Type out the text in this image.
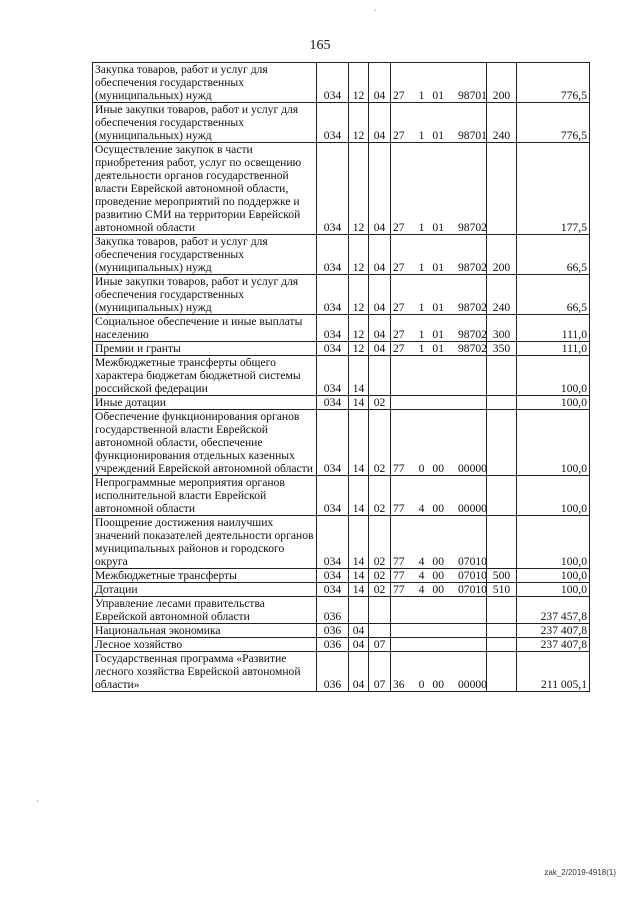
·
165
Закупка товаров, работ и услуг для обеспечения государственных (муниципальных) нужд	034	12	04	27 1 01 98701	200	776,5
Иные закупки товаров, работ и услуг для обеспечения государственных (муниципальных) нужд	034	12	04	27 1 01 98701	240	776,5
Осуществление закупок в части приобретения работ, услуг по освещению деятельности органов государственной власти Еврейской автономной области, проведение мероприятий по поддержке и развитию СМИ на территории Еврейской автономной области	034	12	04	27 1 01 98702		177,5
Закупка товаров, работ и услуг для обеспечения государственных (муниципальных) нужд	034	12	04	27 1 01 98702	200	66,5
Иные закупки товаров, работ и услуг для обеспечения государственных (муниципальных) нужд	034	12	04	27 1 01 98702	240	66,5
Социальное обеспечение и иные выплаты населению	034	12	04	27 1 01 98702	300	111,0
Премии и гранты	034	12	04	27 1 01 98702	350	111,0
Межбюджетные трансферты общего характера бюджетам бюджетной системы российской федерации	034	14				100,0
Иные дотации	034	14	02			100,0
Обеспечение функционирования органов государственной власти Еврейской автономной области, обеспечение функционирования отдельных казенных учреждений Еврейской автономной области	034	14	02	77 0 00 00000		100,0
Непрограммные мероприятия органов исполнительной власти Еврейской автономной области	034	14	02	77 4 00 00000		100,0
Поощрение достижения наилучших значений показателей деятельности органов муниципальных районов и городского округа	034	14	02	77 4 00 07010		100,0
Межбюджетные трансферты	034	14	02	77 4 00 07010	500	100,0
Дотации	034	14	02	77 4 00 07010	510	100,0
Управление лесами правительства Еврейской автономной области	036					237 457,8
Национальная экономика	036	04				237 407,8
Лесное хозяйство	036	04	07			237 407,8
Государственная программа «Развитие лесного хозяйства Еврейской автономной области»	036	04	07	36 0 00 00000		211 005,1
·
zak_2/2019-4918(1)
